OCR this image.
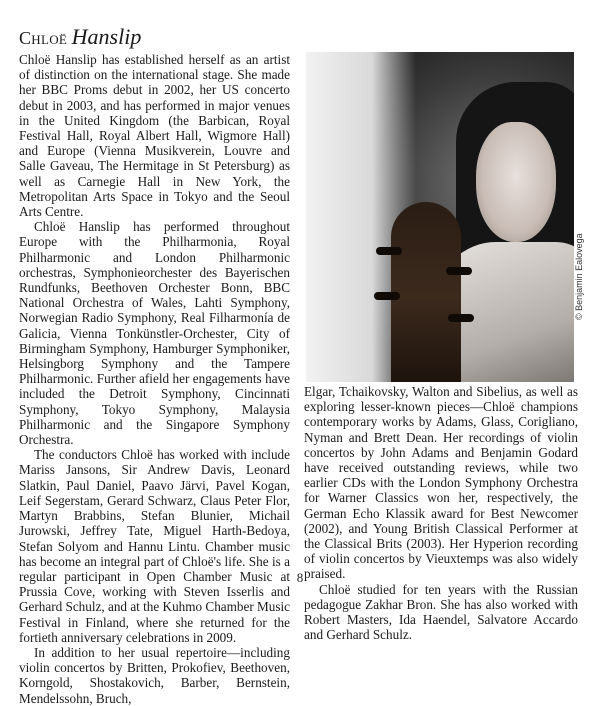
Chloë Hanslip

Chloë Hanslip has established herself as an artist of distinction on the international stage. She made her BBC Proms debut in 2002, her US concerto debut in 2003, and has performed in major venues in the United Kingdom (the Barbican, Royal Festival Hall, Royal Albert Hall, Wigmore Hall) and Europe (Vienna Musikverein, Louvre and Salle Gaveau, The Hermitage in St Petersburg) as well as Carnegie Hall in New York, the Metropolitan Arts Space in Tokyo and the Seoul Arts Centre.

Chloë Hanslip has performed throughout Europe with the Philharmonia, Royal Philharmonic and London Philharmonic orchestras, Symphonieorchester des Bayerischen Rundfunks, Beethoven Orchester Bonn, BBC National Orchestra of Wales, Lahti Symphony, Norwegian Radio Symphony, Real Filharmonía de Galicia, Vienna Tonkünstler-Orchester, City of Birmingham Symphony, Hamburger Symphoniker, Helsingborg Symphony and the Tampere Philharmonic. Further afield her engagements have included the Detroit Symphony, Cincinnati Symphony, Tokyo Symphony, Malaysia Philharmonic and the Singapore Symphony Orchestra.

The conductors Chloë has worked with include Mariss Jansons, Sir Andrew Davis, Leonard Slatkin, Paul Daniel, Paavo Järvi, Pavel Kogan, Leif Segerstam, Gerard Schwarz, Claus Peter Flor, Martyn Brabbins, Stefan Blunier, Michail Jurowski, Jeffrey Tate, Miguel Harth-Bedoya, Stefan Solyom and Hannu Lintu. Chamber music has become an integral part of Chloë's life. She is a regular participant in Open Chamber Music at Prussia Cove, working with Steven Isserlis and Gerhard Schulz, and at the Kuhmo Chamber Music Festival in Finland, where she returned for the fortieth anniversary celebrations in 2009.

In addition to her usual repertoire—including violin concertos by Britten, Prokofiev, Beethoven, Korngold, Shostakovich, Barber, Bernstein, Mendelssohn, Bruch,

© Benjamin Ealovega

Elgar, Tchaikovsky, Walton and Sibelius, as well as exploring lesser-known pieces—Chloë champions contemporary works by Adams, Glass, Corigliano, Nyman and Brett Dean. Her recordings of violin concertos by John Adams and Benjamin Godard have received outstanding reviews, while two earlier CDs with the London Symphony Orchestra for Warner Classics won her, respectively, the German Echo Klassik award for Best Newcomer (2002), and Young British Classical Performer at the Classical Brits (2003). Her Hyperion recording of violin concertos by Vieuxtemps was also widely praised.

Chloë studied for ten years with the Russian pedagogue Zakhar Bron. She has also worked with Robert Masters, Ida Haendel, Salvatore Accardo and Gerhard Schulz.

8
